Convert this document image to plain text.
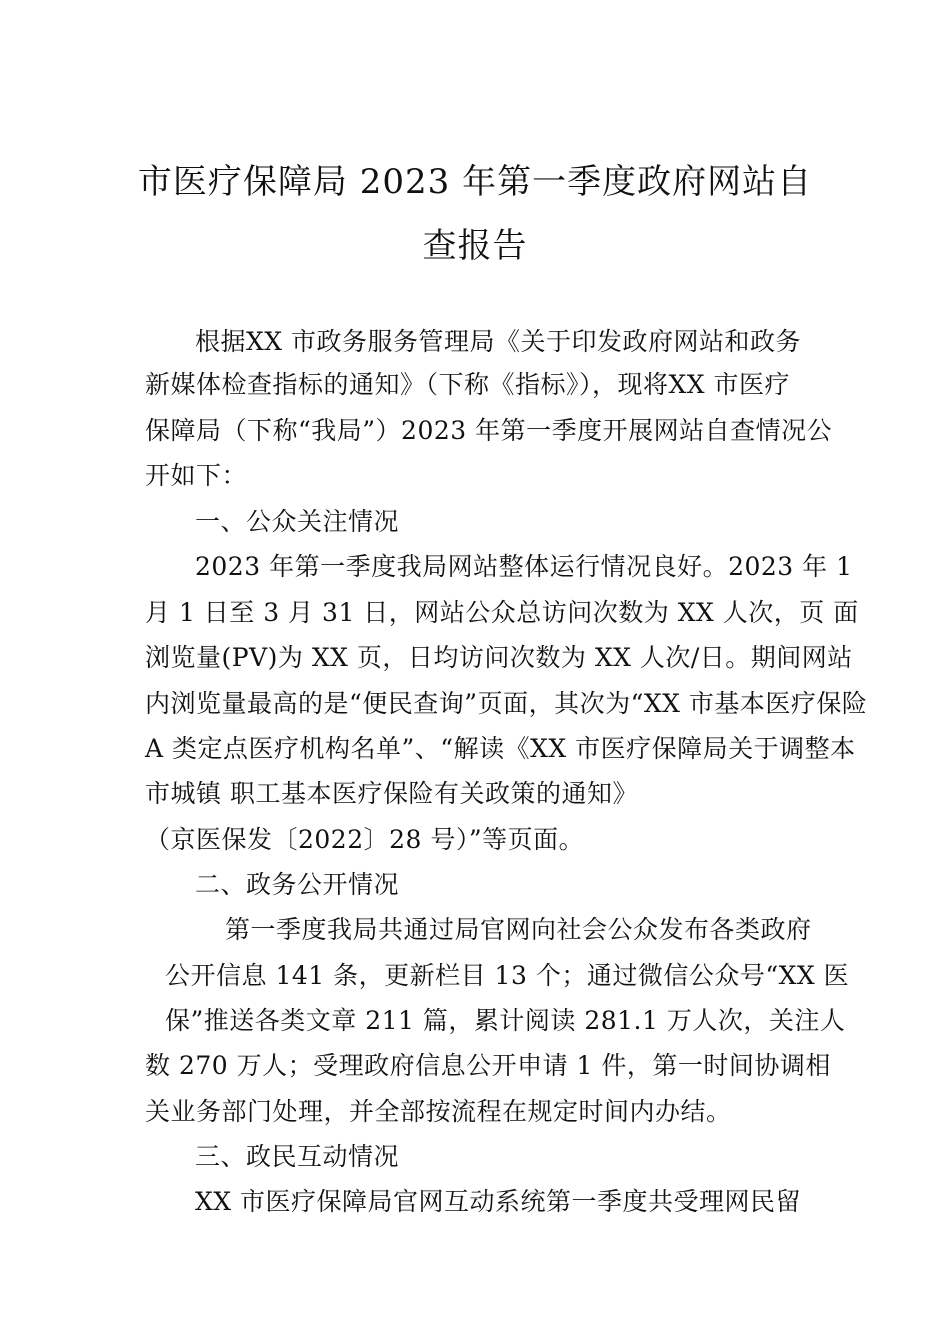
市医疗保障局 2023 年第一季度政府网站自
查报告
根据XX 市政务服务管理局《关于印发政府网站和政务
新媒体检查指标的通知》（下称《指标》），现将XX 市医疗
保障局（下称“我局”）2023 年第一季度开展网站自查情况公
开如下：
一、公众关注情况
2023 年第一季度我局网站整体运行情况良好。2023 年 1
月 1 日至 3 月 31 日，网站公众总访问次数为 XX 人次，页 面
浏览量(PV)为 XX 页，日均访问次数为 XX 人次/日。期间网站
内浏览量最高的是“便民查询”页面，其次为“XX 市基本医疗保险
A 类定点医疗机构名单”、“解读《XX 市医疗保障局关于调整本
市城镇 职工基本医疗保险有关政策的通知》
（京医保发〔2022〕28 号）”等页面。
二、政务公开情况
第一季度我局共通过局官网向社会公众发布各类政府
公开信息 141 条，更新栏目 13 个；通过微信公众号“XX 医
保”推送各类文章 211 篇，累计阅读 281.1 万人次，关注人
数 270 万人；受理政府信息公开申请 1 件，第一时间协调相
关业务部门处理，并全部按流程在规定时间内办结。
三、政民互动情况
XX 市医疗保障局官网互动系统第一季度共受理网民留
